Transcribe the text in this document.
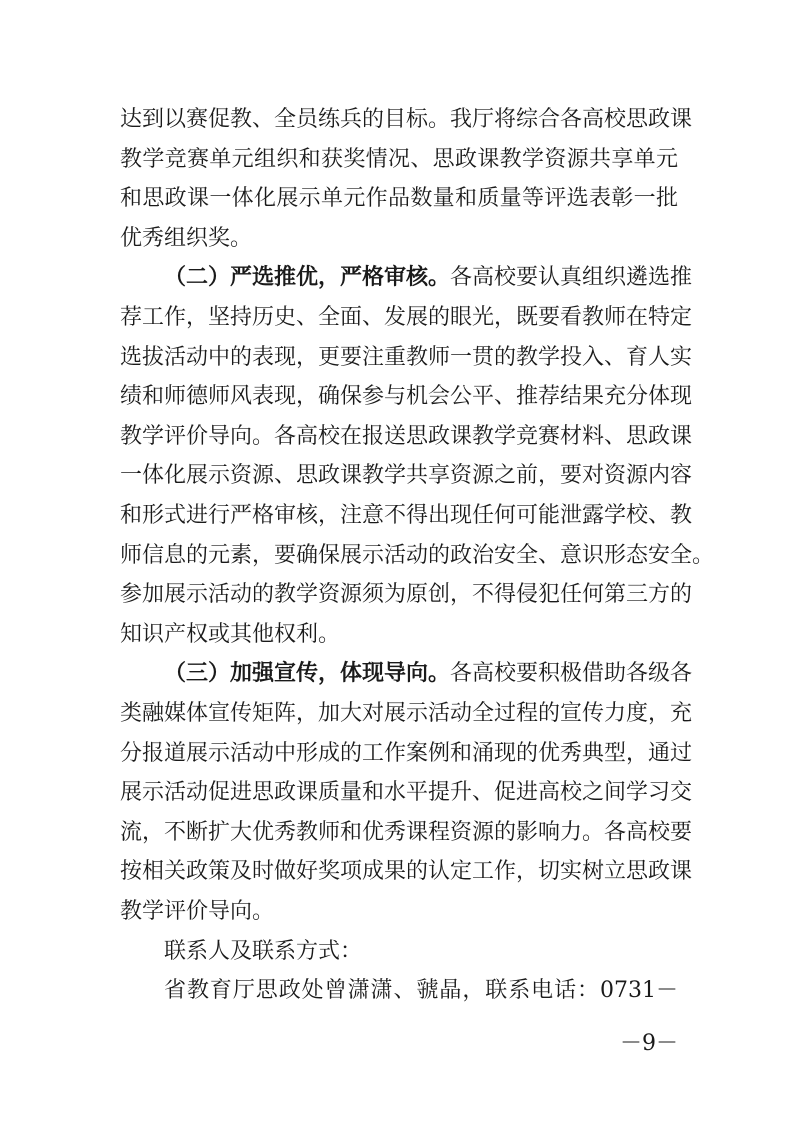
达到以赛促教、全员练兵的目标。我厅将综合各高校思政课
教学竞赛单元组织和获奖情况、思政课教学资源共享单元
和思政课一体化展示单元作品数量和质量等评选表彰一批
优秀组织奖。
（二）严选推优，严格审核。各高校要认真组织遴选推
荐工作，坚持历史、全面、发展的眼光，既要看教师在特定
选拔活动中的表现，更要注重教师一贯的教学投入、育人实
绩和师德师风表现，确保参与机会公平、推荐结果充分体现
教学评价导向。各高校在报送思政课教学竞赛材料、思政课
一体化展示资源、思政课教学共享资源之前，要对资源内容
和形式进行严格审核，注意不得出现任何可能泄露学校、教
师信息的元素，要确保展示活动的政治安全、意识形态安全。
参加展示活动的教学资源须为原创，不得侵犯任何第三方的
知识产权或其他权利。
（三）加强宣传，体现导向。各高校要积极借助各级各
类融媒体宣传矩阵，加大对展示活动全过程的宣传力度，充
分报道展示活动中形成的工作案例和涌现的优秀典型，通过
展示活动促进思政课质量和水平提升、促进高校之间学习交
流，不断扩大优秀教师和优秀课程资源的影响力。各高校要
按相关政策及时做好奖项成果的认定工作，切实树立思政课
教学评价导向。
联系人及联系方式：
省教育厅思政处曾潇潇、虢晶，联系电话：0731－
－9－
